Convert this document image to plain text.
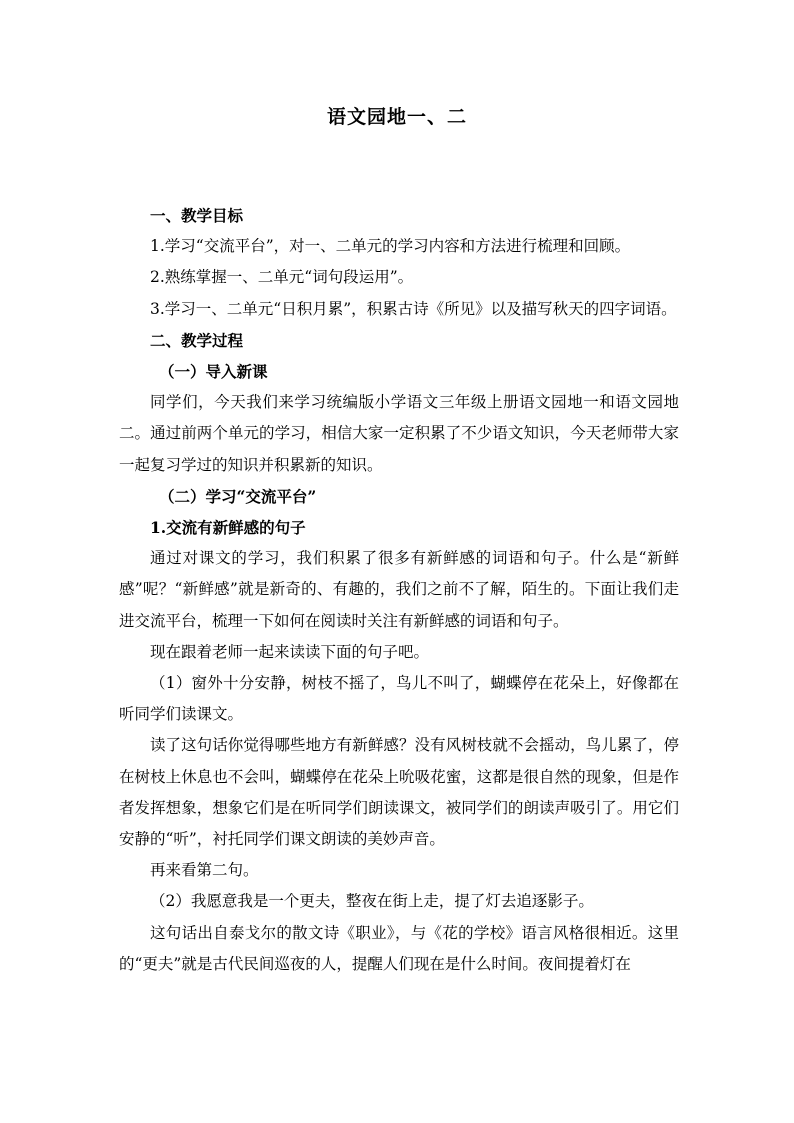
语文园地一、二

一、教学目标

1.学习“交流平台”，对一、二单元的学习内容和方法进行梳理和回顾。

2.熟练掌握一、二单元“词句段运用”。

3.学习一、二单元“日积月累”，积累古诗《所见》以及描写秋天的四字词语。

二、教学过程

（一）导入新课

同学们，今天我们来学习统编版小学语文三年级上册语文园地一和语文园地二。通过前两个单元的学习，相信大家一定积累了不少语文知识，今天老师带大家一起复习学过的知识并积累新的知识。

（二）学习“交流平台”

1.交流有新鲜感的句子

通过对课文的学习，我们积累了很多有新鲜感的词语和句子。什么是“新鲜感”呢？“新鲜感”就是新奇的、有趣的，我们之前不了解，陌生的。下面让我们走进交流平台，梳理一下如何在阅读时关注有新鲜感的词语和句子。

现在跟着老师一起来读读下面的句子吧。

（1）窗外十分安静，树枝不摇了，鸟儿不叫了，蝴蝶停在花朵上，好像都在听同学们读课文。

读了这句话你觉得哪些地方有新鲜感？没有风树枝就不会摇动，鸟儿累了，停在树枝上休息也不会叫，蝴蝶停在花朵上吮吸花蜜，这都是很自然的现象，但是作者发挥想象，想象它们是在听同学们朗读课文，被同学们的朗读声吸引了。用它们安静的“听”，衬托同学们课文朗读的美妙声音。

再来看第二句。

（2）我愿意我是一个更夫，整夜在街上走，提了灯去追逐影子。

这句话出自泰戈尔的散文诗《职业》，与《花的学校》语言风格很相近。这里的“更夫”就是古代民间巡夜的人，提醒人们现在是什么时间。夜间提着灯在
